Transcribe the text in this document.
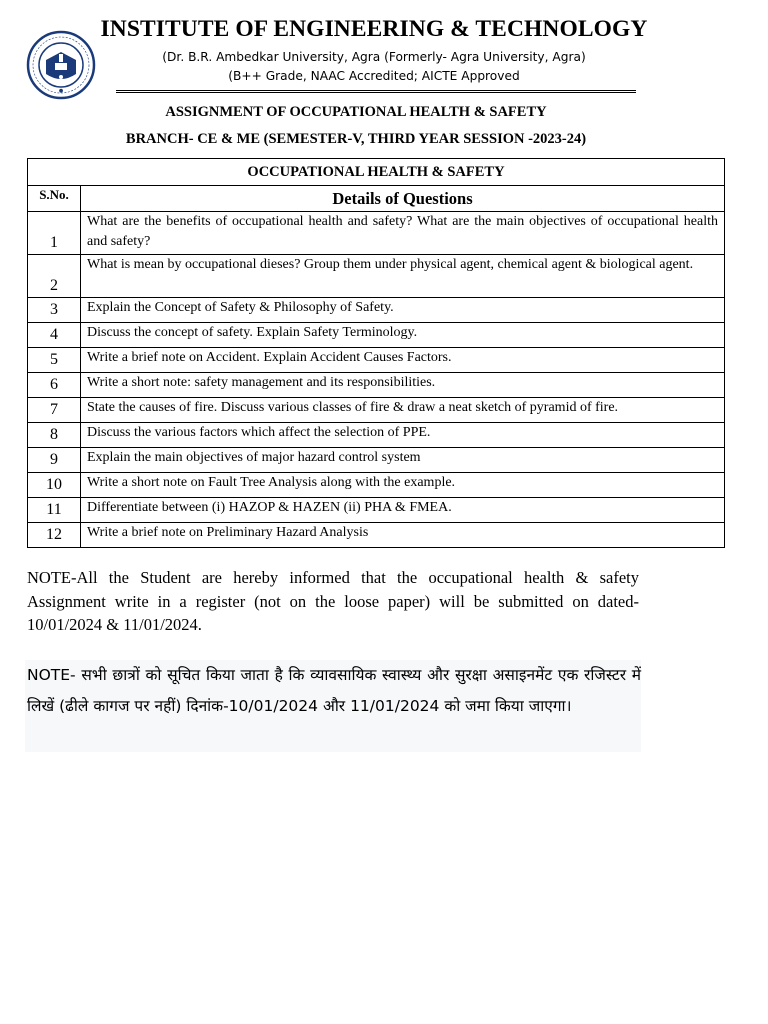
●
INSTITUTE OF ENGINEERING & TECHNOLOGY
(Dr. B.R. Ambedkar University, Agra (Formerly- Agra University, Agra)
(B++ Grade, NAAC Accredited; AICTE Approved
ASSIGNMENT OF OCCUPATIONAL HEALTH & SAFETY
BRANCH- CE & ME (SEMESTER-V, THIRD YEAR SESSION -2023-24)
OCCUPATIONAL HEALTH & SAFETY	
S.No.	Details of Questions
1	What are the benefits of occupational health and safety? What are the main objectives of occupational health and safety?
2	What is mean by occupational dieses? Group them under physical agent, chemical agent & biological agent.
3	Explain the Concept of Safety & Philosophy of Safety.
4	Discuss the concept of safety. Explain Safety Terminology.
5	Write a brief note on Accident. Explain Accident Causes Factors.
6	Write a short note: safety management and its responsibilities.
7	State the causes of fire. Discuss various classes of fire & draw a neat sketch of pyramid of fire.
8	Discuss the various factors which affect the selection of PPE.
9	Explain the main objectives of major hazard control system
10	Write a short note on Fault Tree Analysis along with the example.
11	Differentiate between (i) HAZOP & HAZEN (ii) PHA & FMEA.
12	Write a brief note on Preliminary Hazard Analysis
NOTE-All the Student are hereby informed that the occupational health & safety Assignment write in a register (not on the loose paper) will be submitted on dated-10/01/2024 & 11/01/2024.
NOTE- सभी छात्रों को सूचित किया जाता है कि व्यावसायिक स्वास्थ्य और सुरक्षा असाइनमेंट एक रजिस्टर में लिखें (ढीले कागज पर नहीं) दिनांक-10/01/2024 और 11/01/2024 को जमा किया जाएगा।
